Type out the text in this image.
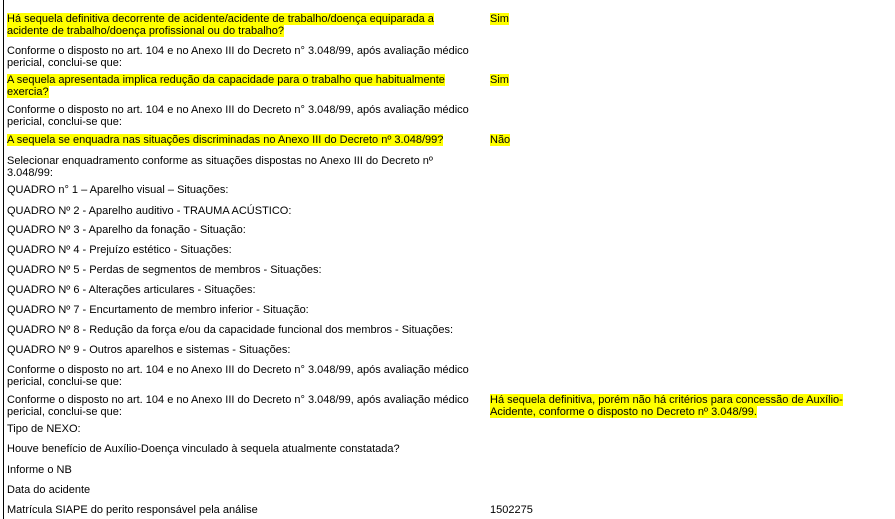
Há sequela definitiva decorrente de acidente/acidente de trabalho/doença equiparada a acidente de trabalho/doença profissional ou do trabalho?
Sim
Conforme o disposto no art. 104 e no Anexo III do Decreto n° 3.048/99, após avaliação médico pericial, conclui-se que:
A sequela apresentada implica redução da capacidade para o trabalho que habitualmente exercia?
Sim
Conforme o disposto no art. 104 e no Anexo III do Decreto n° 3.048/99, após avaliação médico pericial, conclui-se que:
A sequela se enquadra nas situações discriminadas no Anexo III do Decreto nº 3.048/99?	Não
Selecionar enquadramento conforme as situações dispostas no Anexo III do Decreto nº 3.048/99:
QUADRO n° 1 – Aparelho visual – Situações:
QUADRO Nº 2 - Aparelho auditivo - TRAUMA ACÚSTICO:
QUADRO Nº 3 - Aparelho da fonação - Situação:
QUADRO Nº 4 - Prejuízo estético - Situações:
QUADRO Nº 5 - Perdas de segmentos de membros - Situações:
QUADRO Nº 6 - Alterações articulares - Situações:
QUADRO Nº 7 - Encurtamento de membro inferior - Situação:
QUADRO Nº 8 - Redução da força e/ou da capacidade funcional dos membros - Situações:
QUADRO Nº 9 - Outros aparelhos e sistemas - Situações:
Conforme o disposto no art. 104 e no Anexo III do Decreto n° 3.048/99, após avaliação médico pericial, conclui-se que:
Conforme o disposto no art. 104 e no Anexo III do Decreto n° 3.048/99, após avaliação médico pericial, conclui-se que:
Há sequela definitiva, porém não há critérios para concessão de Auxílio-Acidente, conforme o disposto no Decreto nº 3.048/99.
Tipo de NEXO:
Houve benefício de Auxílio-Doença vinculado à sequela atualmente constatada?
Informe o NB
Data do acidente
Matrícula SIAPE do perito responsável pela análise	1502275
